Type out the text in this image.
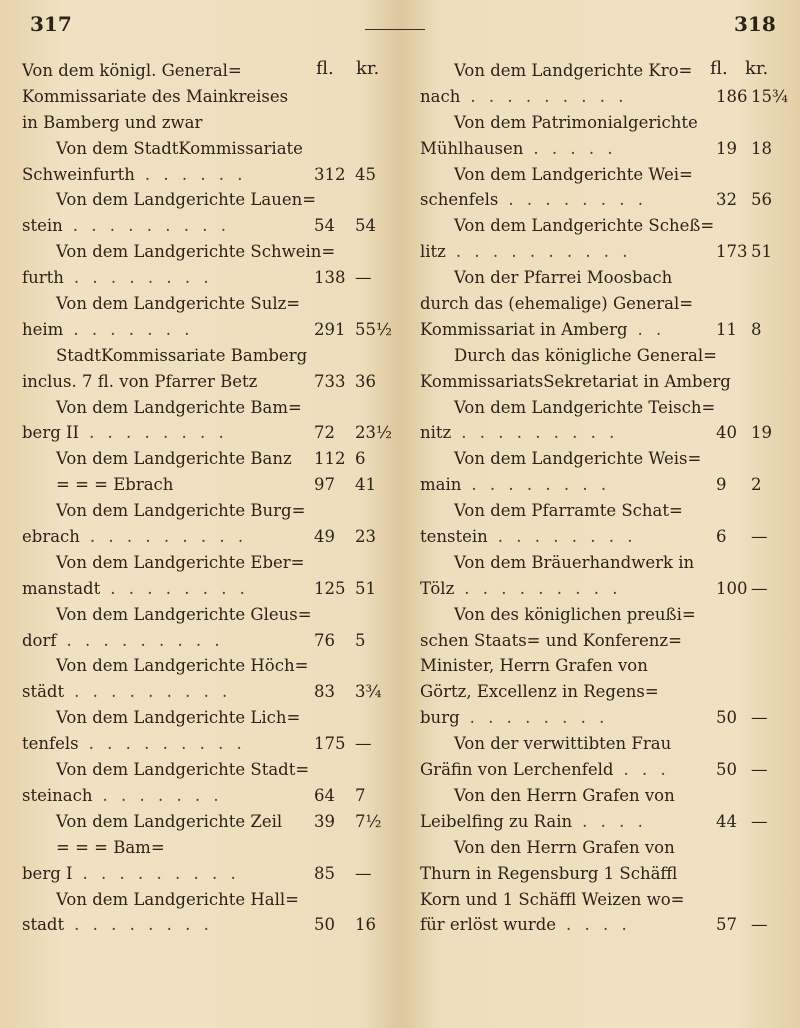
317	318
fl. kr.	fl. kr.
Von dem königl. General=
Kommissariate des Mainkreises
in Bamberg und zwar
Von dem StadtKommissariate
Schweinfurth . . . . . .	312 45
Von dem Landgerichte Lauen=
stein . . . . . . . . .	54 54
Von dem Landgerichte Schwein=
furth . . . . . . . .	138 —
Von dem Landgerichte Sulz=
heim . . . . . . .	291 55½
StadtKommissariate Bamberg
inclus. 7 fl. von Pfarrer Betz	733 36
Von dem Landgerichte Bam=
berg II . . . . . . . .	72 23½
Von dem Landgerichte Banz 112 6
= = = Ebrach	97 41
Von dem Landgerichte Burg=
ebrach . . . . . . . . .	49 23
Von dem Landgerichte Eber=
manstadt . . . . . . . .	125 51
Von dem Landgerichte Gleus=
dorf . . . . . . . . .	76 5
Von dem Landgerichte Höch=
städt . . . . . . . . .	83 3¾
Von dem Landgerichte Lich=
tenfels . . . . . . . . .	175 —
Von dem Landgerichte Stadt=
steinach . . . . . . .	64 7
Von dem Landgerichte Zeil 39 7½
= = = Bam=
berg I . . . . . . . . .	85 —
Von dem Landgerichte Hall=
stadt . . . . . . . .	50 16
Von dem Landgerichte Kro=
nach . . . . . . . . .	186 15¾
Von dem Patrimonialgerichte
Mühlhausen . . . . .	19 18
Von dem Landgerichte Wei=
schenfels . . . . . . . .	32 56
Von dem Landgerichte Scheß=
litz . . . . . . . . . .	173 51
Von der Pfarrei Moosbach
durch das (ehemalige) General=
Kommissariat in Amberg . .	11 8
Durch das königliche General=
KommissariatsSekretariat in Amberg
Von dem Landgerichte Teisch=
nitz . . . . . . . . .	40 19
Von dem Landgerichte Weis=
main . . . . . . . .	9 2
Von dem Pfarramte Schat=
tenstein . . . . . . . .	6 —
Von dem Bräuerhandwerk in
Tölz . . . . . . . . .	100 —
Von des königlichen preußi=
schen Staats= und Konferenz=
Minister, Herrn Grafen von
Görtz, Excellenz in Regens=
burg . . . . . . . .	50 —
Von der verwittibten Frau
Gräfin von Lerchenfeld . . .	50 —
Von den Herrn Grafen von
Leibelfing zu Rain . . . .	44 —
Von den Herrn Grafen von
Thurn in Regensburg 1 Schäffl
Korn und 1 Schäffl Weizen wo=
für erlöst wurde . . . .	57 —
